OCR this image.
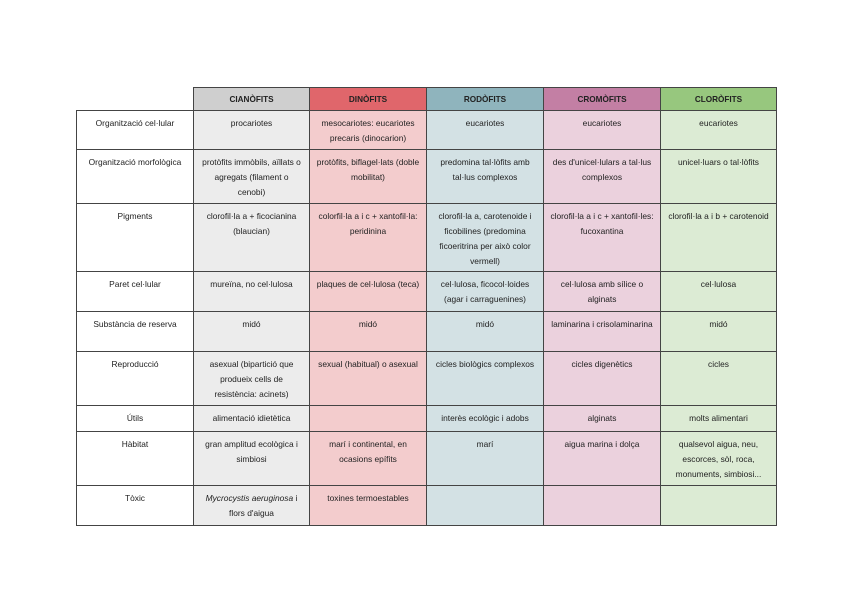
	CIANÒFITS	DINÒFITS	RODÒFITS	CROMÒFITS	CLORÒFITS
Organització cel·lular	procariotes	mesocariotes: eucariotes precaris (dinocarion)	eucariotes	eucariotes	eucariotes
Organització morfològica	protòfits immòbils, aïllats o agregats (filament o cenobi)	protòfits, biflagel·lats (doble mobilitat)	predomina tal·lòfits amb tal·lus complexos	des d'unicel·lulars a tal·lus complexos	unicel·luars o tal·lòfits
Pigments	clorofil·la a + ficocianina (blaucian)	colorfil·la a i c + xantofil·la: peridinina	clorofil·la a, carotenoide i ficobilines (predomina ficoeritrina per això color vermell)	clorofil·la a i c + xantofil·les: fucoxantina	clorofil·la a i b + carotenoid
Paret cel·lular	mureïna, no cel·lulosa	plaques de cel·lulosa (teca)	cel·lulosa, ficocol·loides (agar i carraguenines)	cel·lulosa amb sílice o alginats	cel·lulosa
Substància de reserva	midó	midó	midó	laminarina i crisolaminarina	midó
Reproducció	asexual (bipartició que produeix cells de resistència: acinets)	sexual (habitual) o asexual	cicles biològics complexos	cicles digenètics	cicles
Útils	alimentació idietètica		interès ecològic i adobs	alginats	molts alimentari
Hàbitat	gran amplitud ecològica i simbiosi	marí i continental, en ocasions epífits	marí	aigua marina i dolça	qualsevol aigua, neu, escorces, sòl, roca, monuments, simbiosi...
Tòxic	Mycrocystis aeruginosa i flors d'aigua	toxines termoestables			
